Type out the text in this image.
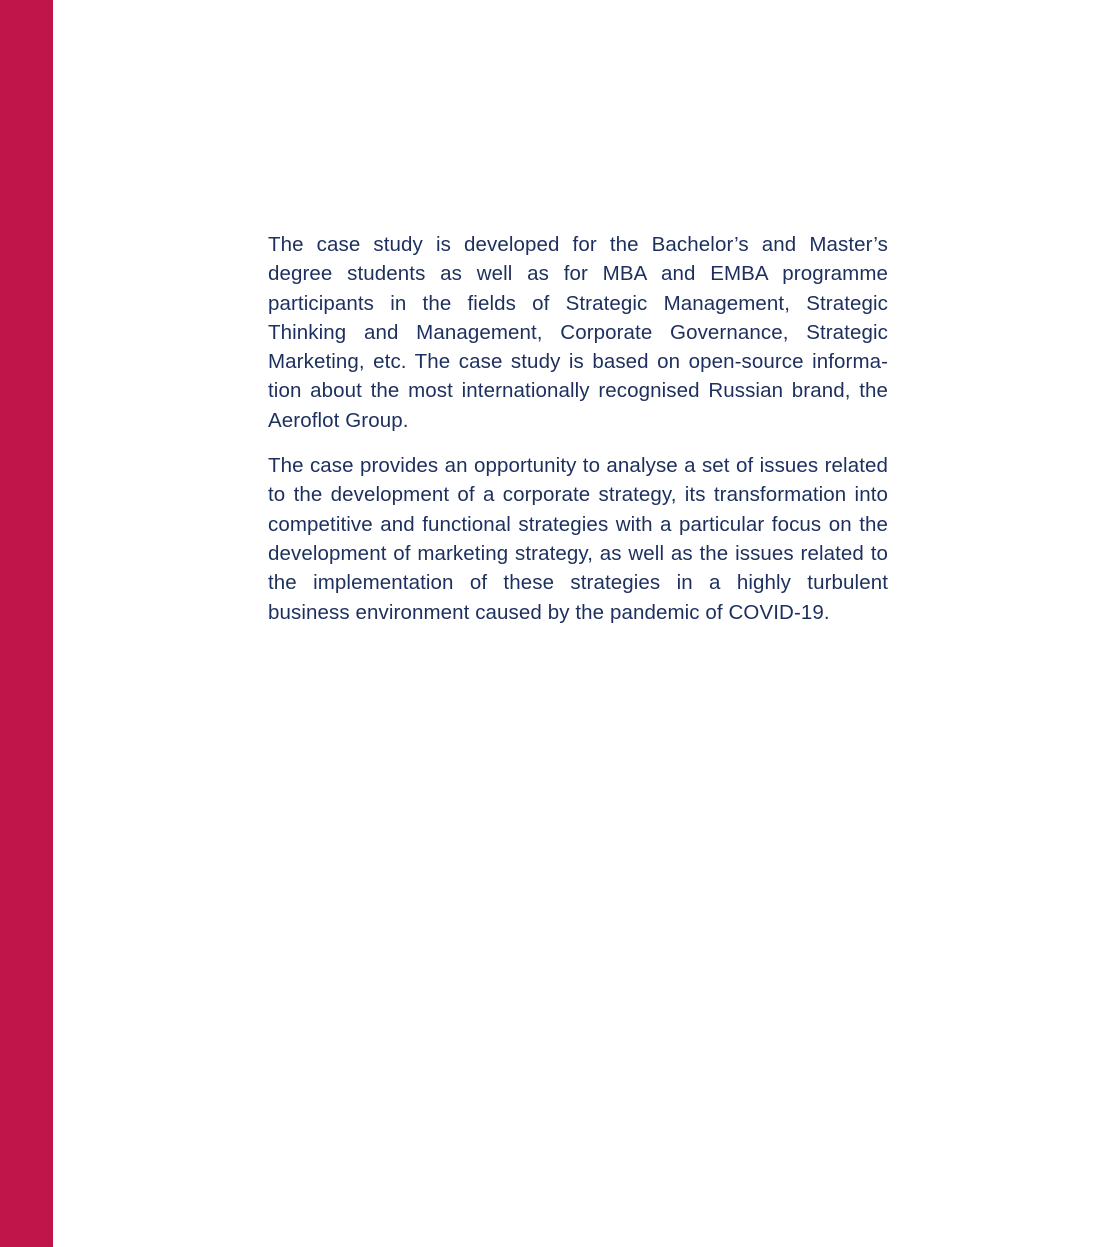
The case study is developed for the Bachelor’s and Master’s degree students as well as for MBA and EMBA programme participants in the fields of Strategic Management, Strategic Thinking and Management, Corporate Governance, Strategic Marketing, etc. The case study is based on open-source information about the most internationally recognised Russian brand, the Aeroflot Group.

The case provides an opportunity to analyse a set of issues related to the development of a corporate strategy, its transformation into competitive and functional strategies with a particular focus on the development of marketing strategy, as well as the issues related to the implementation of these strategies in a highly turbulent business environment caused by the pandemic of COVID-19.
